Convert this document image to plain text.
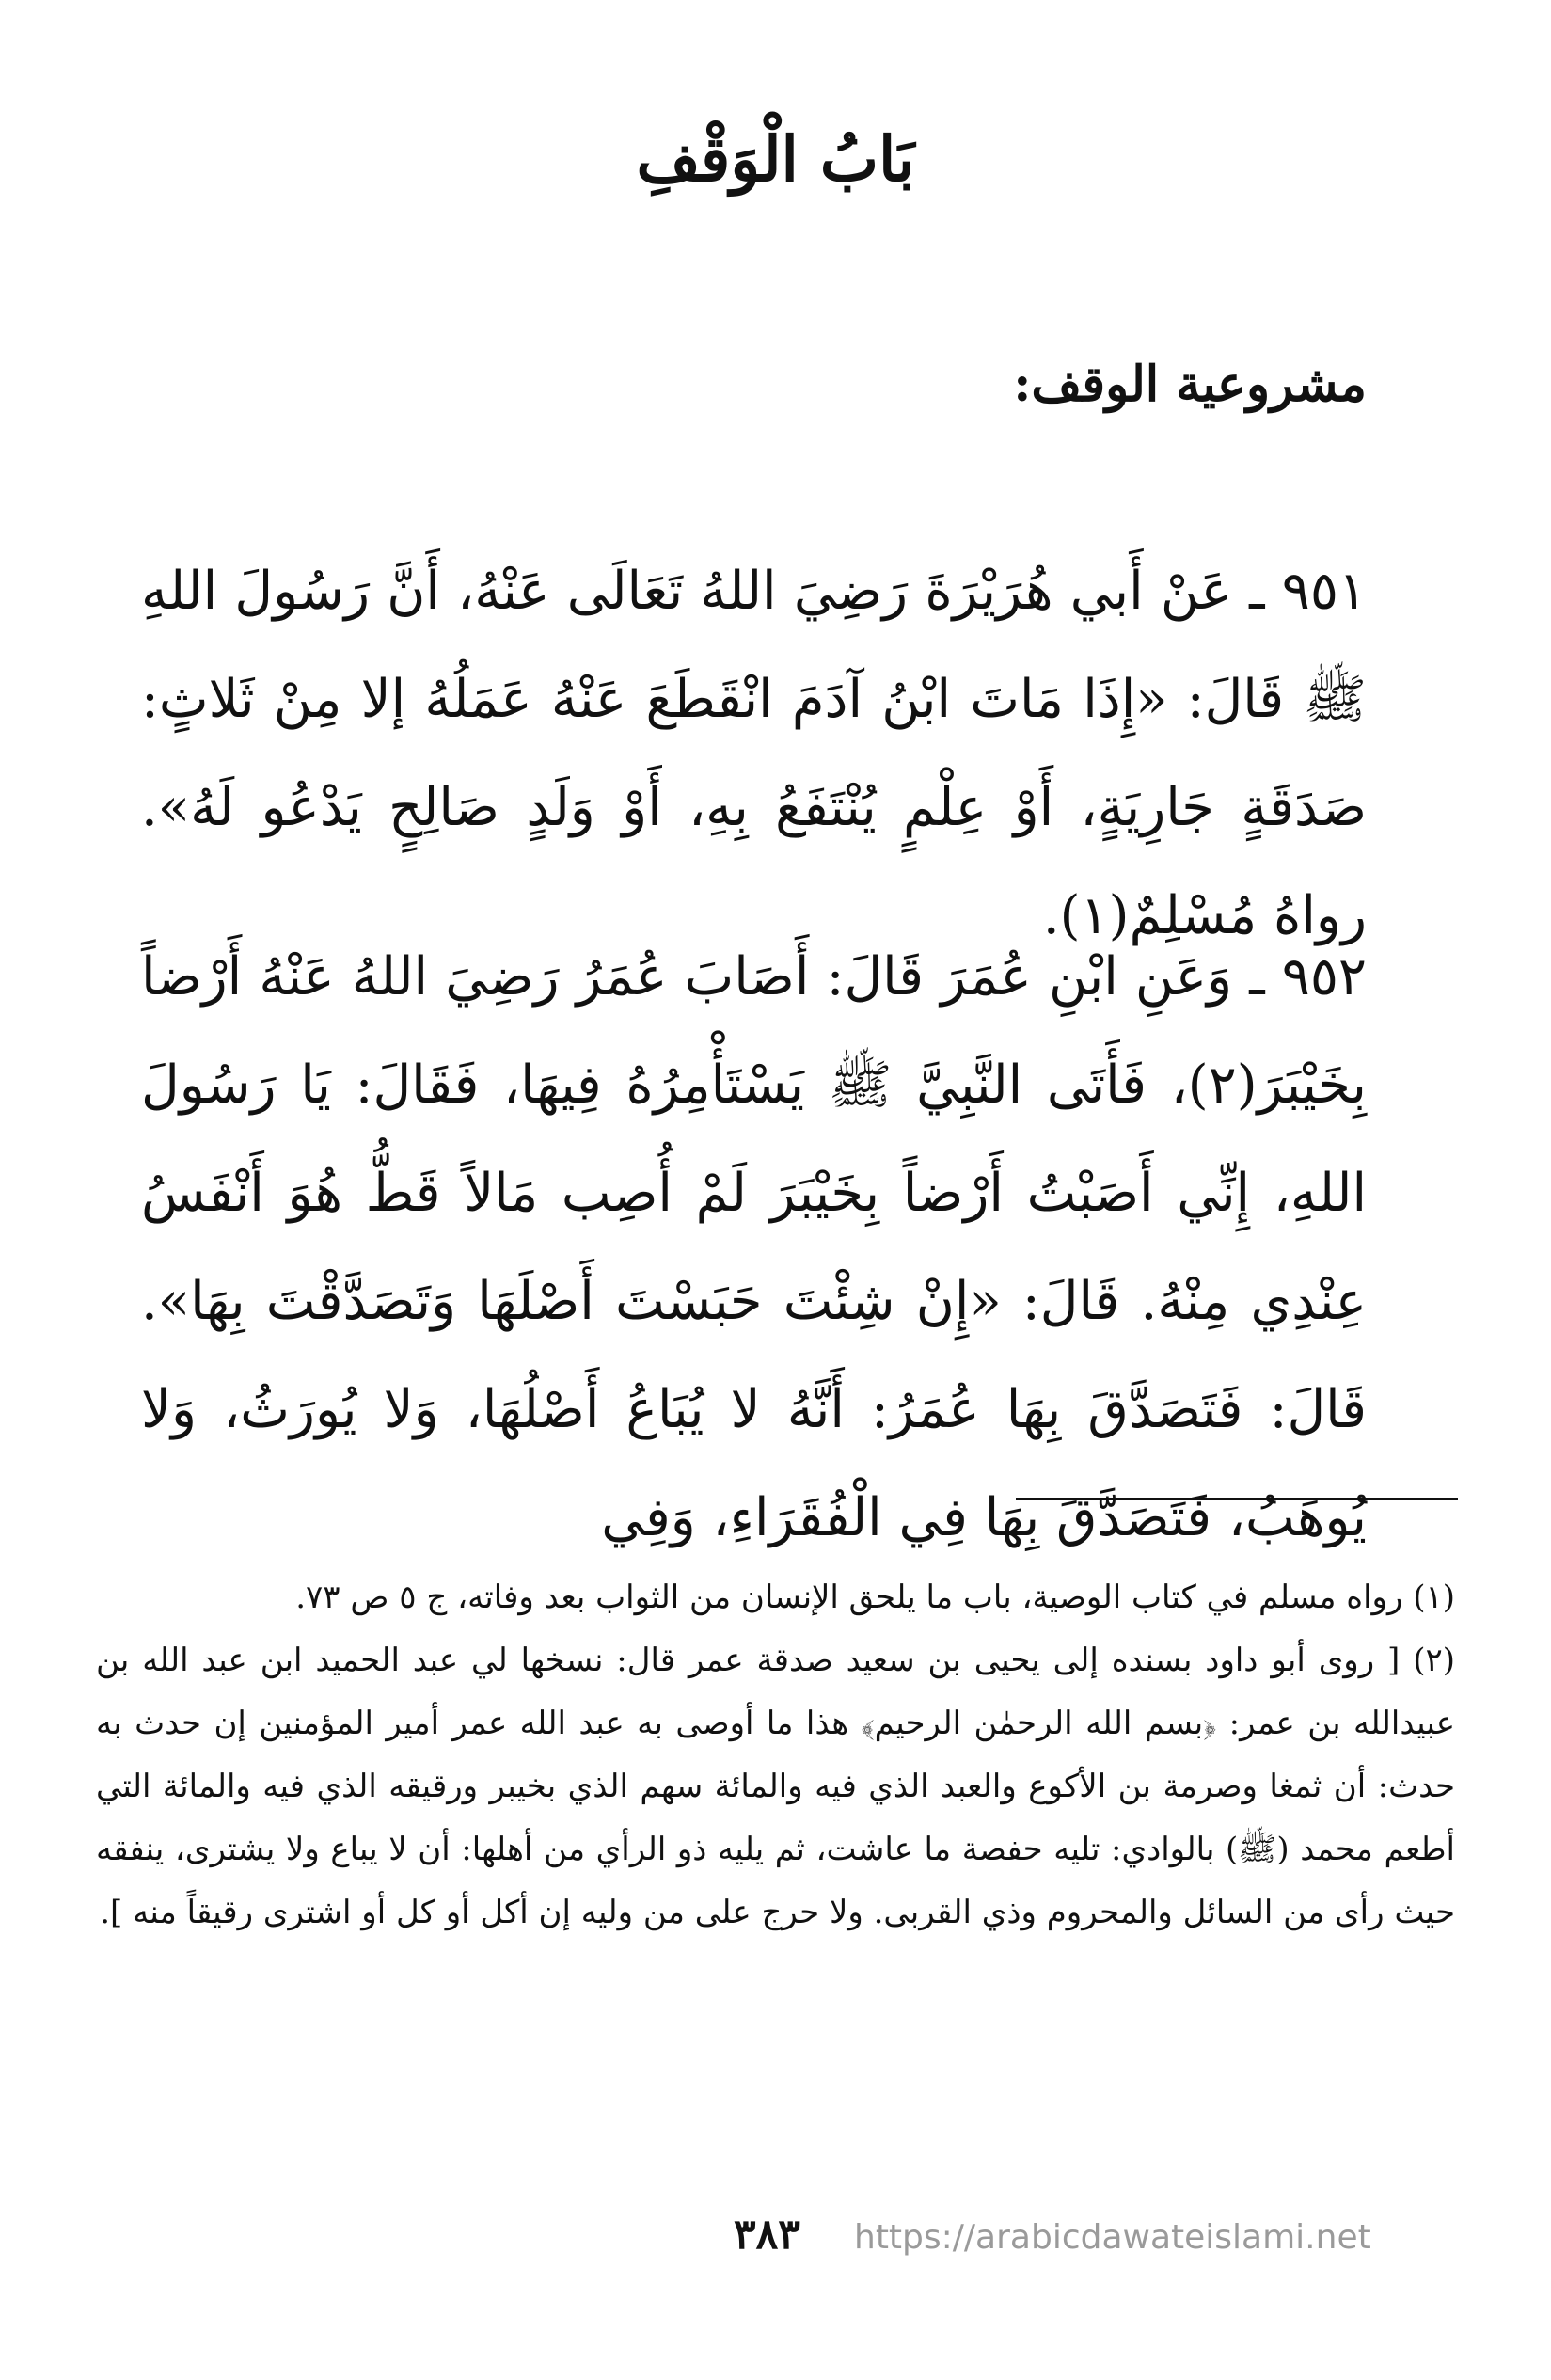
بَابُ الْوَقْفِ
مشروعية الوقف:

٩٥١ ـ عَنْ أَبي هُرَيْرَةَ رَضِيَ اللهُ تَعَالَى عَنْهُ، أَنَّ رَسُولَ اللهِ ﷺ قَالَ: «إِذَا مَاتَ ابْنُ آدَمَ انْقَطَعَ عَنْهُ عَمَلُهُ إلا مِنْ ثَلاثٍ: صَدَقَةٍ جَارِيَةٍ، أَوْ عِلْمٍ يُنْتَفَعُ بِهِ، أَوْ وَلَدٍ صَالِحٍ يَدْعُو لَهُ». رواهُ مُسْلِمٌ(١).

٩٥٢ ـ وَعَنِ ابْنِ عُمَرَ قَالَ: أَصَابَ عُمَرُ رَضِيَ اللهُ عَنْهُ أَرْضاً بِخَيْبَرَ(٢)، فَأَتَى النَّبِيَّ ﷺ يَسْتَأْمِرُهُ فِيهَا، فَقَالَ: يَا رَسُولَ اللهِ، إِنِّي أَصَبْتُ أَرْضاً بِخَيْبَرَ لَمْ أُصِب مَالاً قَطُّ هُوَ أَنْفَسُ عِنْدِي مِنْهُ. قَالَ: «إِنْ شِئْتَ حَبَسْتَ أَصْلَهَا وَتَصَدَّقْتَ بِهَا». قَالَ: فَتَصَدَّقَ بِهَا عُمَرُ: أَنَّهُ لا يُبَاعُ أَصْلُهَا، وَلا يُورَثُ، وَلا يُوهَبُ، فَتَصَدَّقَ بِهَا فِي الْفُقَرَاءِ، وَفِي

(١) رواه مسلم في كتاب الوصية، باب ما يلحق الإنسان من الثواب بعد وفاته، ج ٥ ص ٧٣.

(٢) [ روى أبو داود بسنده إلى يحيى بن سعيد صدقة عمر قال: نسخها لي عبد الحميد ابن عبد الله بن عبيدالله بن عمر: ﴿بسم الله الرحمٰن الرحيم﴾ هذا ما أوصى به عبد الله عمر أمير المؤمنين إن حدث به حدث: أن ثمغا وصرمة بن الأكوع والعبد الذي فيه والمائة سهم الذي بخيبر ورقيقه الذي فيه والمائة التي أطعم محمد (ﷺ) بالوادي: تليه حفصة ما عاشت، ثم يليه ذو الرأي من أهلها: أن لا يباع ولا يشترى، ينفقه حيث رأى من السائل والمحروم وذي القربى. ولا حرج على من وليه إن أكل أو كل أو اشترى رقيقاً منه ].

٣٨٣ https://arabicdawateislami.net
